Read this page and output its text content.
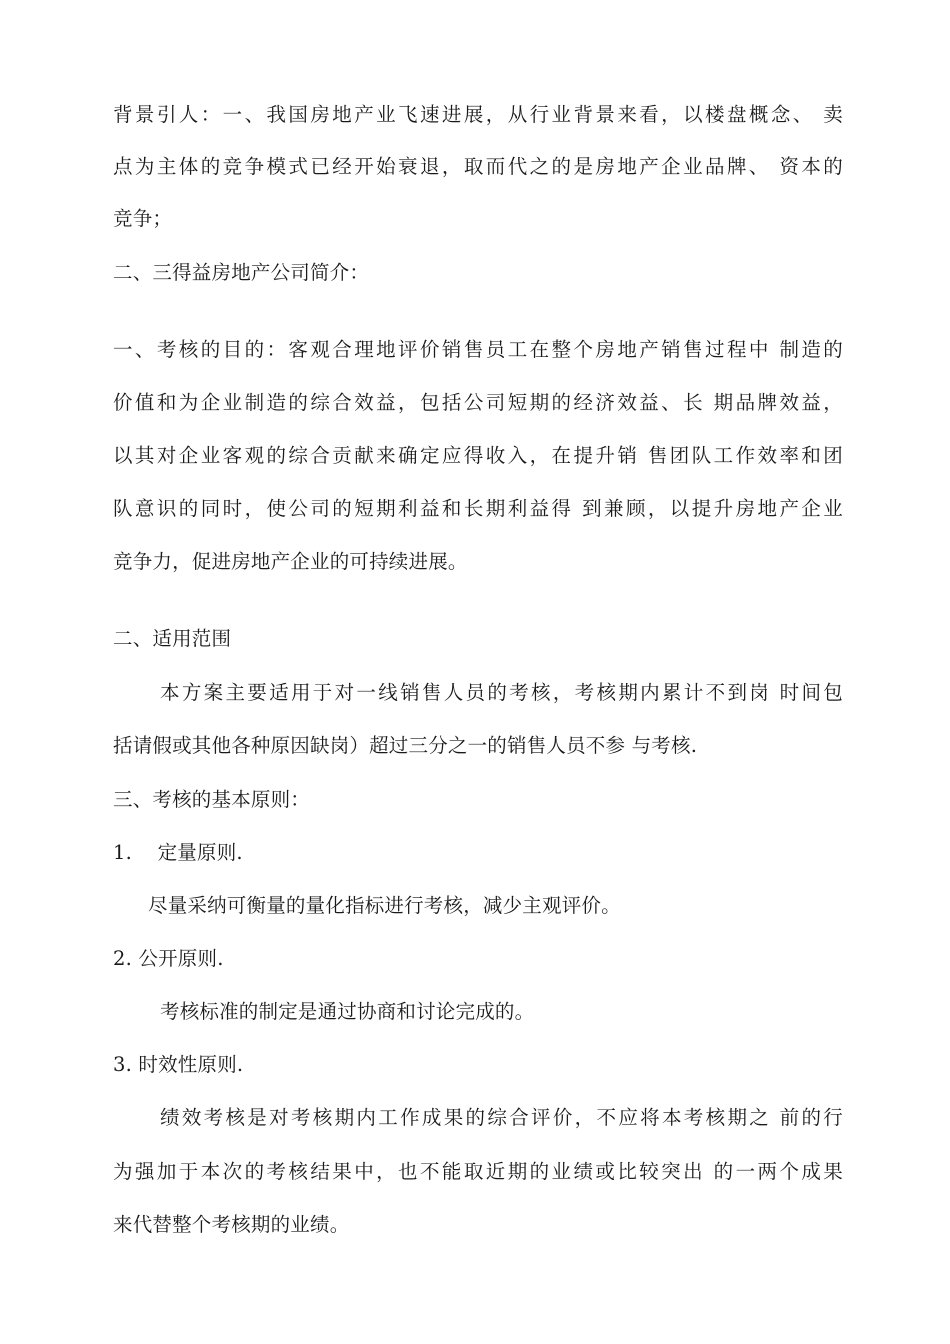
背景引人：一、我国房地产业飞速进展，从行业背景来看，以楼盘概念、 卖
点为主体的竞争模式已经开始衰退，取而代之的是房地产企业品牌、 资本的
竞争；
二、三得益房地产公司简介：
一、考核的目的：客观合理地评价销售员工在整个房地产销售过程中 制造的
价值和为企业制造的综合效益，包括公司短期的经济效益、长 期品牌效益，
以其对企业客观的综合贡献来确定应得收入，在提升销 售团队工作效率和团
队意识的同时，使公司的短期利益和长期利益得 到兼顾，以提升房地产企业
竞争力，促进房地产企业的可持续进展。
二、适用范围
本方案主要适用于对一线销售人员的考核，考核期内累计不到岗 时间包
括请假或其他各种原因缺岗）超过三分之一的销售人员不参 与考核.
三、考核的基本原则：
1.    定量原则.
尽量采纳可衡量的量化指标进行考核，减少主观评价。
2. 公开原则.
考核标准的制定是通过协商和讨论完成的。
3. 时效性原则.
绩效考核是对考核期内工作成果的综合评价，不应将本考核期之 前的行
为强加于本次的考核结果中，也不能取近期的业绩或比较突出 的一两个成果
来代替整个考核期的业绩。
